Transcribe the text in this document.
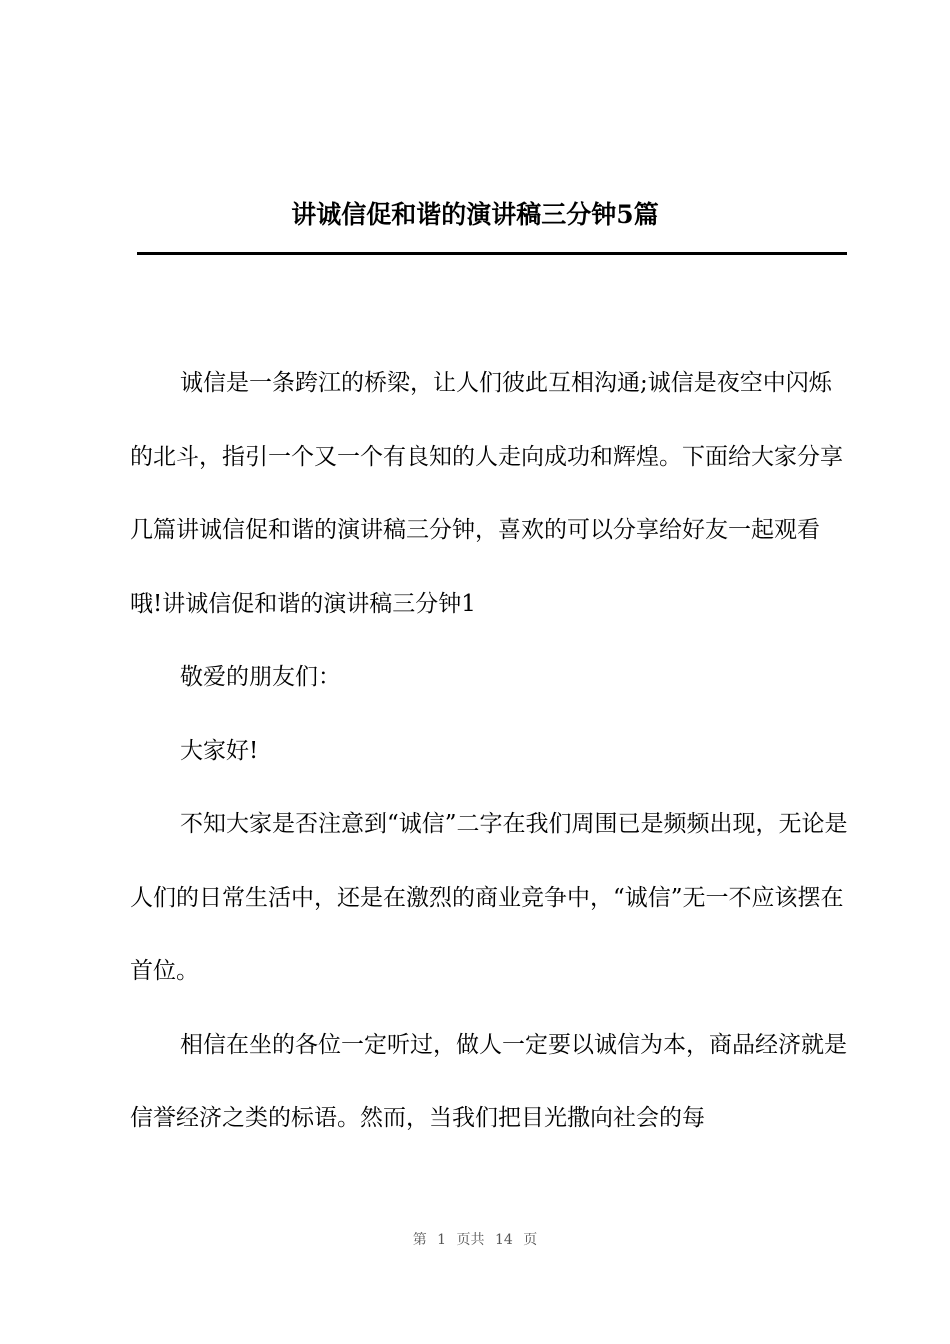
讲诚信促和谐的演讲稿三分钟5篇

诚信是一条跨江的桥梁，让人们彼此互相沟通;诚信是夜空中闪烁的北斗，指引一个又一个有良知的人走向成功和辉煌。下面给大家分享几篇讲诚信促和谐的演讲稿三分钟，喜欢的可以分享给好友一起观看哦!讲诚信促和谐的演讲稿三分钟1

敬爱的朋友们：

大家好!

不知大家是否注意到“诚信”二字在我们周围已是频频出现，无论是人们的日常生活中，还是在激烈的商业竞争中，“诚信”无一不应该摆在首位。

相信在坐的各位一定听过，做人一定要以诚信为本，商品经济就是信誉经济之类的标语。然而，当我们把目光撒向社会的每

第 1 页共 14 页
